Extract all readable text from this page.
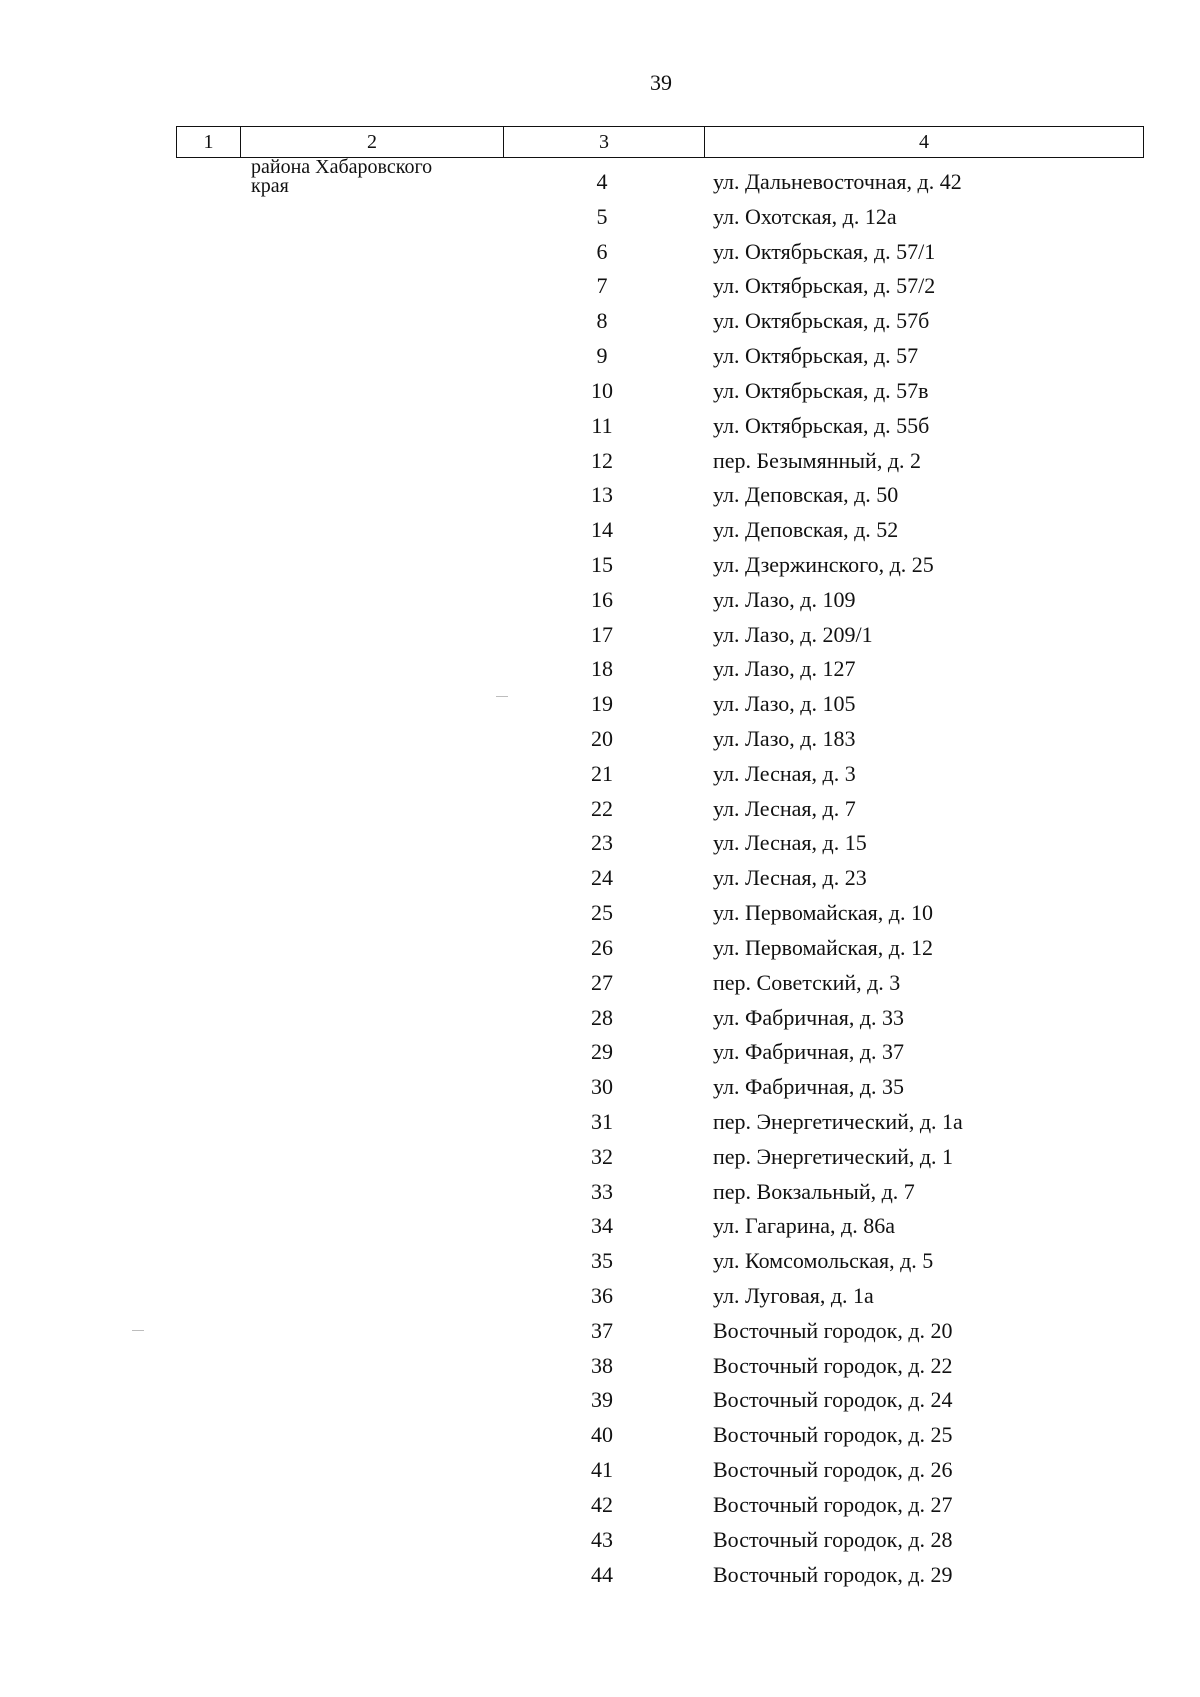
39
1	2	3	4
района Хабаровского
края	4	ул. Дальневосточная, д. 42
5	ул. Охотская, д. 12а
6	ул. Октябрьская, д. 57/1
7	ул. Октябрьская, д. 57/2
8	ул. Октябрьская, д. 57б
9	ул. Октябрьская, д. 57
10	ул. Октябрьская, д. 57в
11	ул. Октябрьская, д. 55б
12	пер. Безымянный, д. 2
13	ул. Деповская, д. 50
14	ул. Деповская, д. 52
15	ул. Дзержинского, д. 25
16	ул. Лазо, д. 109
17	ул. Лазо, д. 209/1
18	ул. Лазо, д. 127
19	ул. Лазо, д. 105
20	ул. Лазо, д. 183
21	ул. Лесная, д. 3
22	ул. Лесная, д. 7
23	ул. Лесная, д. 15
24	ул. Лесная, д. 23
25	ул. Первомайская, д. 10
26	ул. Первомайская, д. 12
27	пер. Советский, д. 3
28	ул. Фабричная, д. 33
29	ул. Фабричная, д. 37
30	ул. Фабричная, д. 35
31	пер. Энергетический, д. 1а
32	пер. Энергетический, д. 1
33	пер. Вокзальный, д. 7
34	ул. Гагарина, д. 86а
35	ул. Комсомольская, д. 5
36	ул. Луговая, д. 1а
37	Восточный городок, д. 20
38	Восточный городок, д. 22
39	Восточный городок, д. 24
40	Восточный городок, д. 25
41	Восточный городок, д. 26
42	Восточный городок, д. 27
43	Восточный городок, д. 28
44	Восточный городок, д. 29
